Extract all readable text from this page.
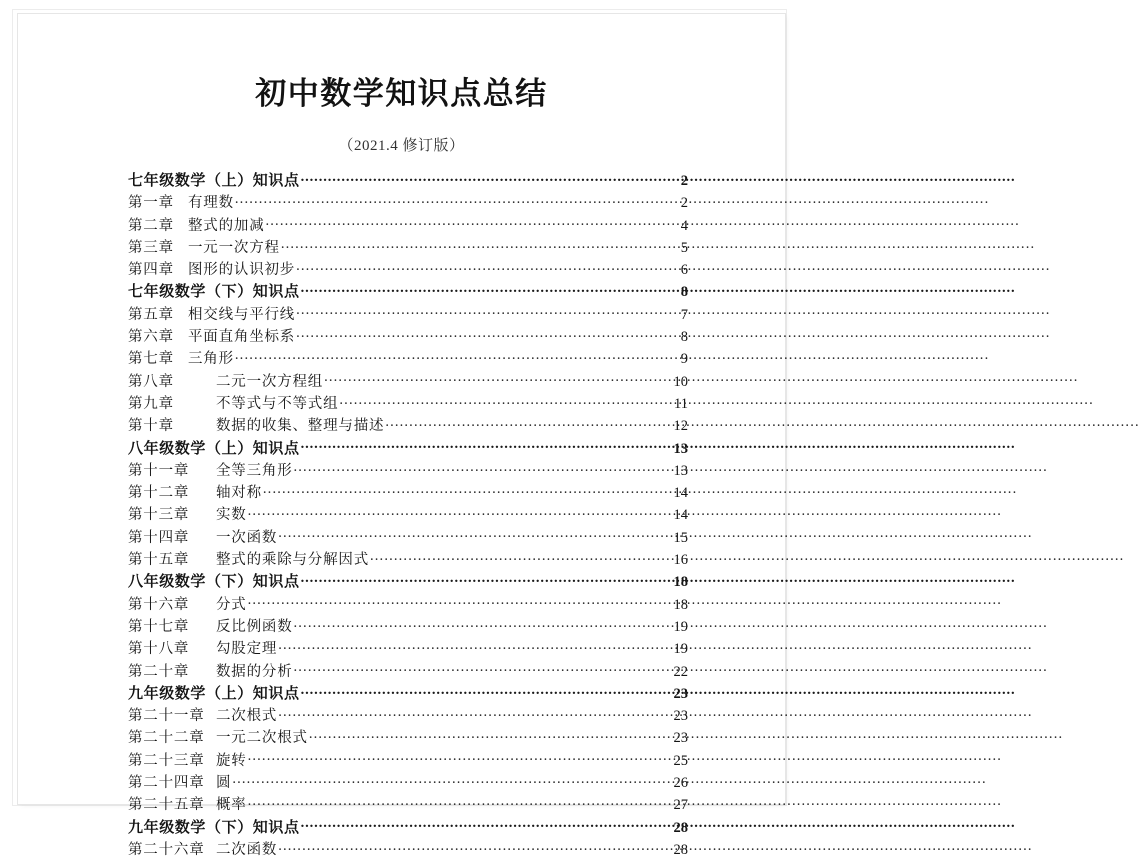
初中数学知识点总结
（2021.4 修订版）
七年级数学（上）知识点 .....	2
第一章 有理数 .....	2
第二章 整式的加减 .....	4
第三章 一元一次方程 .....	5
第四章 图形的认识初步 .....	6
七年级数学（下）知识点 .....	8
第五章 相交线与平行线 .....	7
第六章 平面直角坐标系 .....	8
第七章 三角形 .....	9
第八章	二元一次方程组 .....	10
第九章	不等式与不等式组 .....	11
第十章	数据的收集、整理与描述 .....	12
八年级数学（上）知识点 .....	13
第十一章	全等三角形 .....	13
第十二章	轴对称 .....	14
第十三章	实数 .....	14
第十四章	一次函数 .....	15
第十五章	整式的乘除与分解因式 .....	16
八年级数学（下）知识点 .....	18
第十六章	分式 .....	18
第十七章	反比例函数 .....	19
第十八章	勾股定理 .....	19
第二十章	数据的分析 .....	22
九年级数学（上）知识点 .....	23
第二十一章 二次根式 .....	23
第二十二章 一元二次根式 .....	23
第二十三章 旋转 .....	25
第二十四章 圆 .....	26
第二十五章 概率 .....	27
九年级数学（下）知识点 .....	28
第二十六章 二次函数 .....	28
